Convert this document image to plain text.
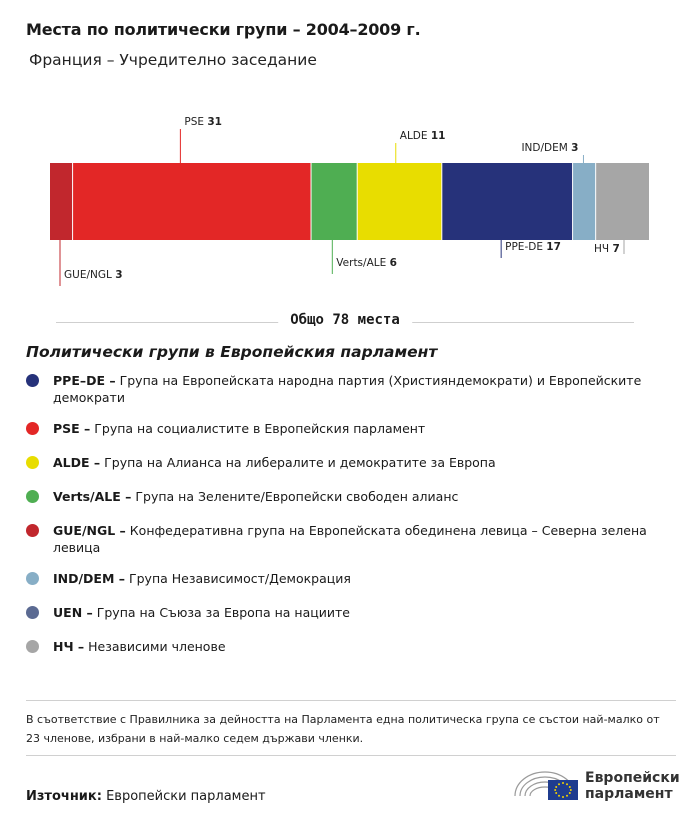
Места по политически групи – 2004–2009 г.
Франция – Учредително заседание
GUE/NGL 3
PSE 31
Verts/ALE 6
ALDE 11
PPE-DE 17
IND/DEM 3
НЧ 7
Общо 78 места
Политически групи в Европейския парламент
PPE–DE – Група на Европейската народна партия (Християндемократи) и Европейските демократи
PSE – Група на социалистите в Европейския парламент
ALDE – Група на Алианса на либералите и демократите за Европа
Verts/ALE – Група на Зелените/Европейски свободен алианс
GUE/NGL – Конфедеративна група на Европейската обединена левица – Северна зелена левица
IND/DEM – Група Независимост/Демокрация
UEN – Група на Съюза за Европа на нациите
НЧ – Независими членове
В съответствие с Правилника за дейността на Парламента една политическа група се състои най-малко от 23 членове, избрани в най-малко седем държави членки.
Източник: Европейски парламент
Европейски
парламент
